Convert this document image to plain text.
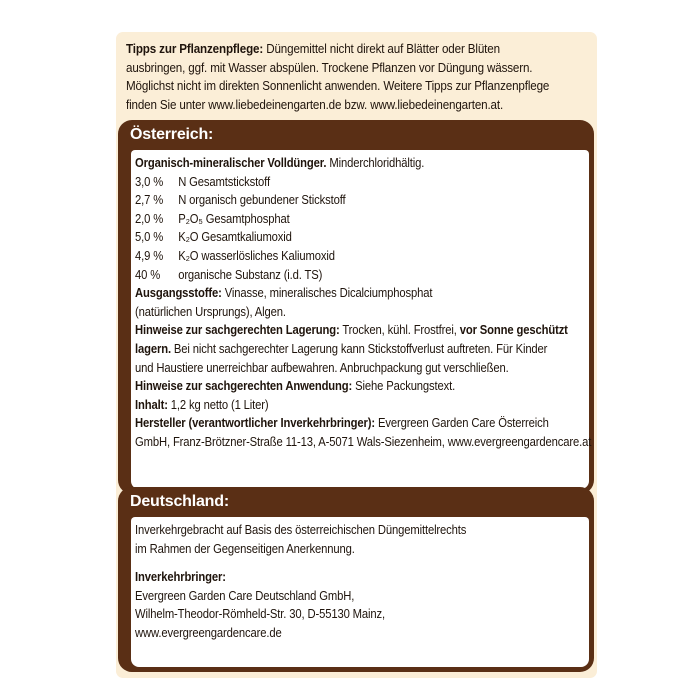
Tipps zur Pflanzenpflege: Düngemittel nicht direkt auf Blätter oder Blüten
ausbringen, ggf. mit Wasser abspülen. Trockene Pflanzen vor Düngung wässern.
Möglichst nicht im direkten Sonnenlicht anwenden. Weitere Tipps zur Pflanzenpflege
finden Sie unter www.liebedeinengarten.de bzw. www.liebedeinengarten.at.
Österreich:
Organisch-mineralischer Volldünger. Minderchloridhältig.
3,0 % N Gesamtstickstoff
2,7 % N organisch gebundener Stickstoff
2,0 % P₂O₅ Gesamtphosphat
5,0 % K₂O Gesamtkaliumoxid
4,9 % K₂O wasserlösliches Kaliumoxid
40 % organische Substanz (i.d. TS)
Ausgangsstoffe: Vinasse, mineralisches Dicalciumphosphat
(natürlichen Ursprungs), Algen.
Hinweise zur sachgerechten Lagerung: Trocken, kühl. Frostfrei, vor Sonne geschützt
lagern. Bei nicht sachgerechter Lagerung kann Stickstoffverlust auftreten. Für Kinder
und Haustiere unerreichbar aufbewahren. Anbruchpackung gut verschließen.
Hinweise zur sachgerechten Anwendung: Siehe Packungstext.
Inhalt: 1,2 kg netto (1 Liter)
Hersteller (verantwortlicher Inverkehrbringer): Evergreen Garden Care Österreich
GmbH, Franz-Brötzner-Straße 11-13, A-5071 Wals-Siezenheim, www.evergreengardencare.at
Deutschland:
Inverkehrgebracht auf Basis des österreichischen Düngemittelrechts
im Rahmen der Gegenseitigen Anerkennung.
Inverkehrbringer:
Evergreen Garden Care Deutschland GmbH,
Wilhelm-Theodor-Römheld-Str. 30, D-55130 Mainz,
www.evergreengardencare.de
